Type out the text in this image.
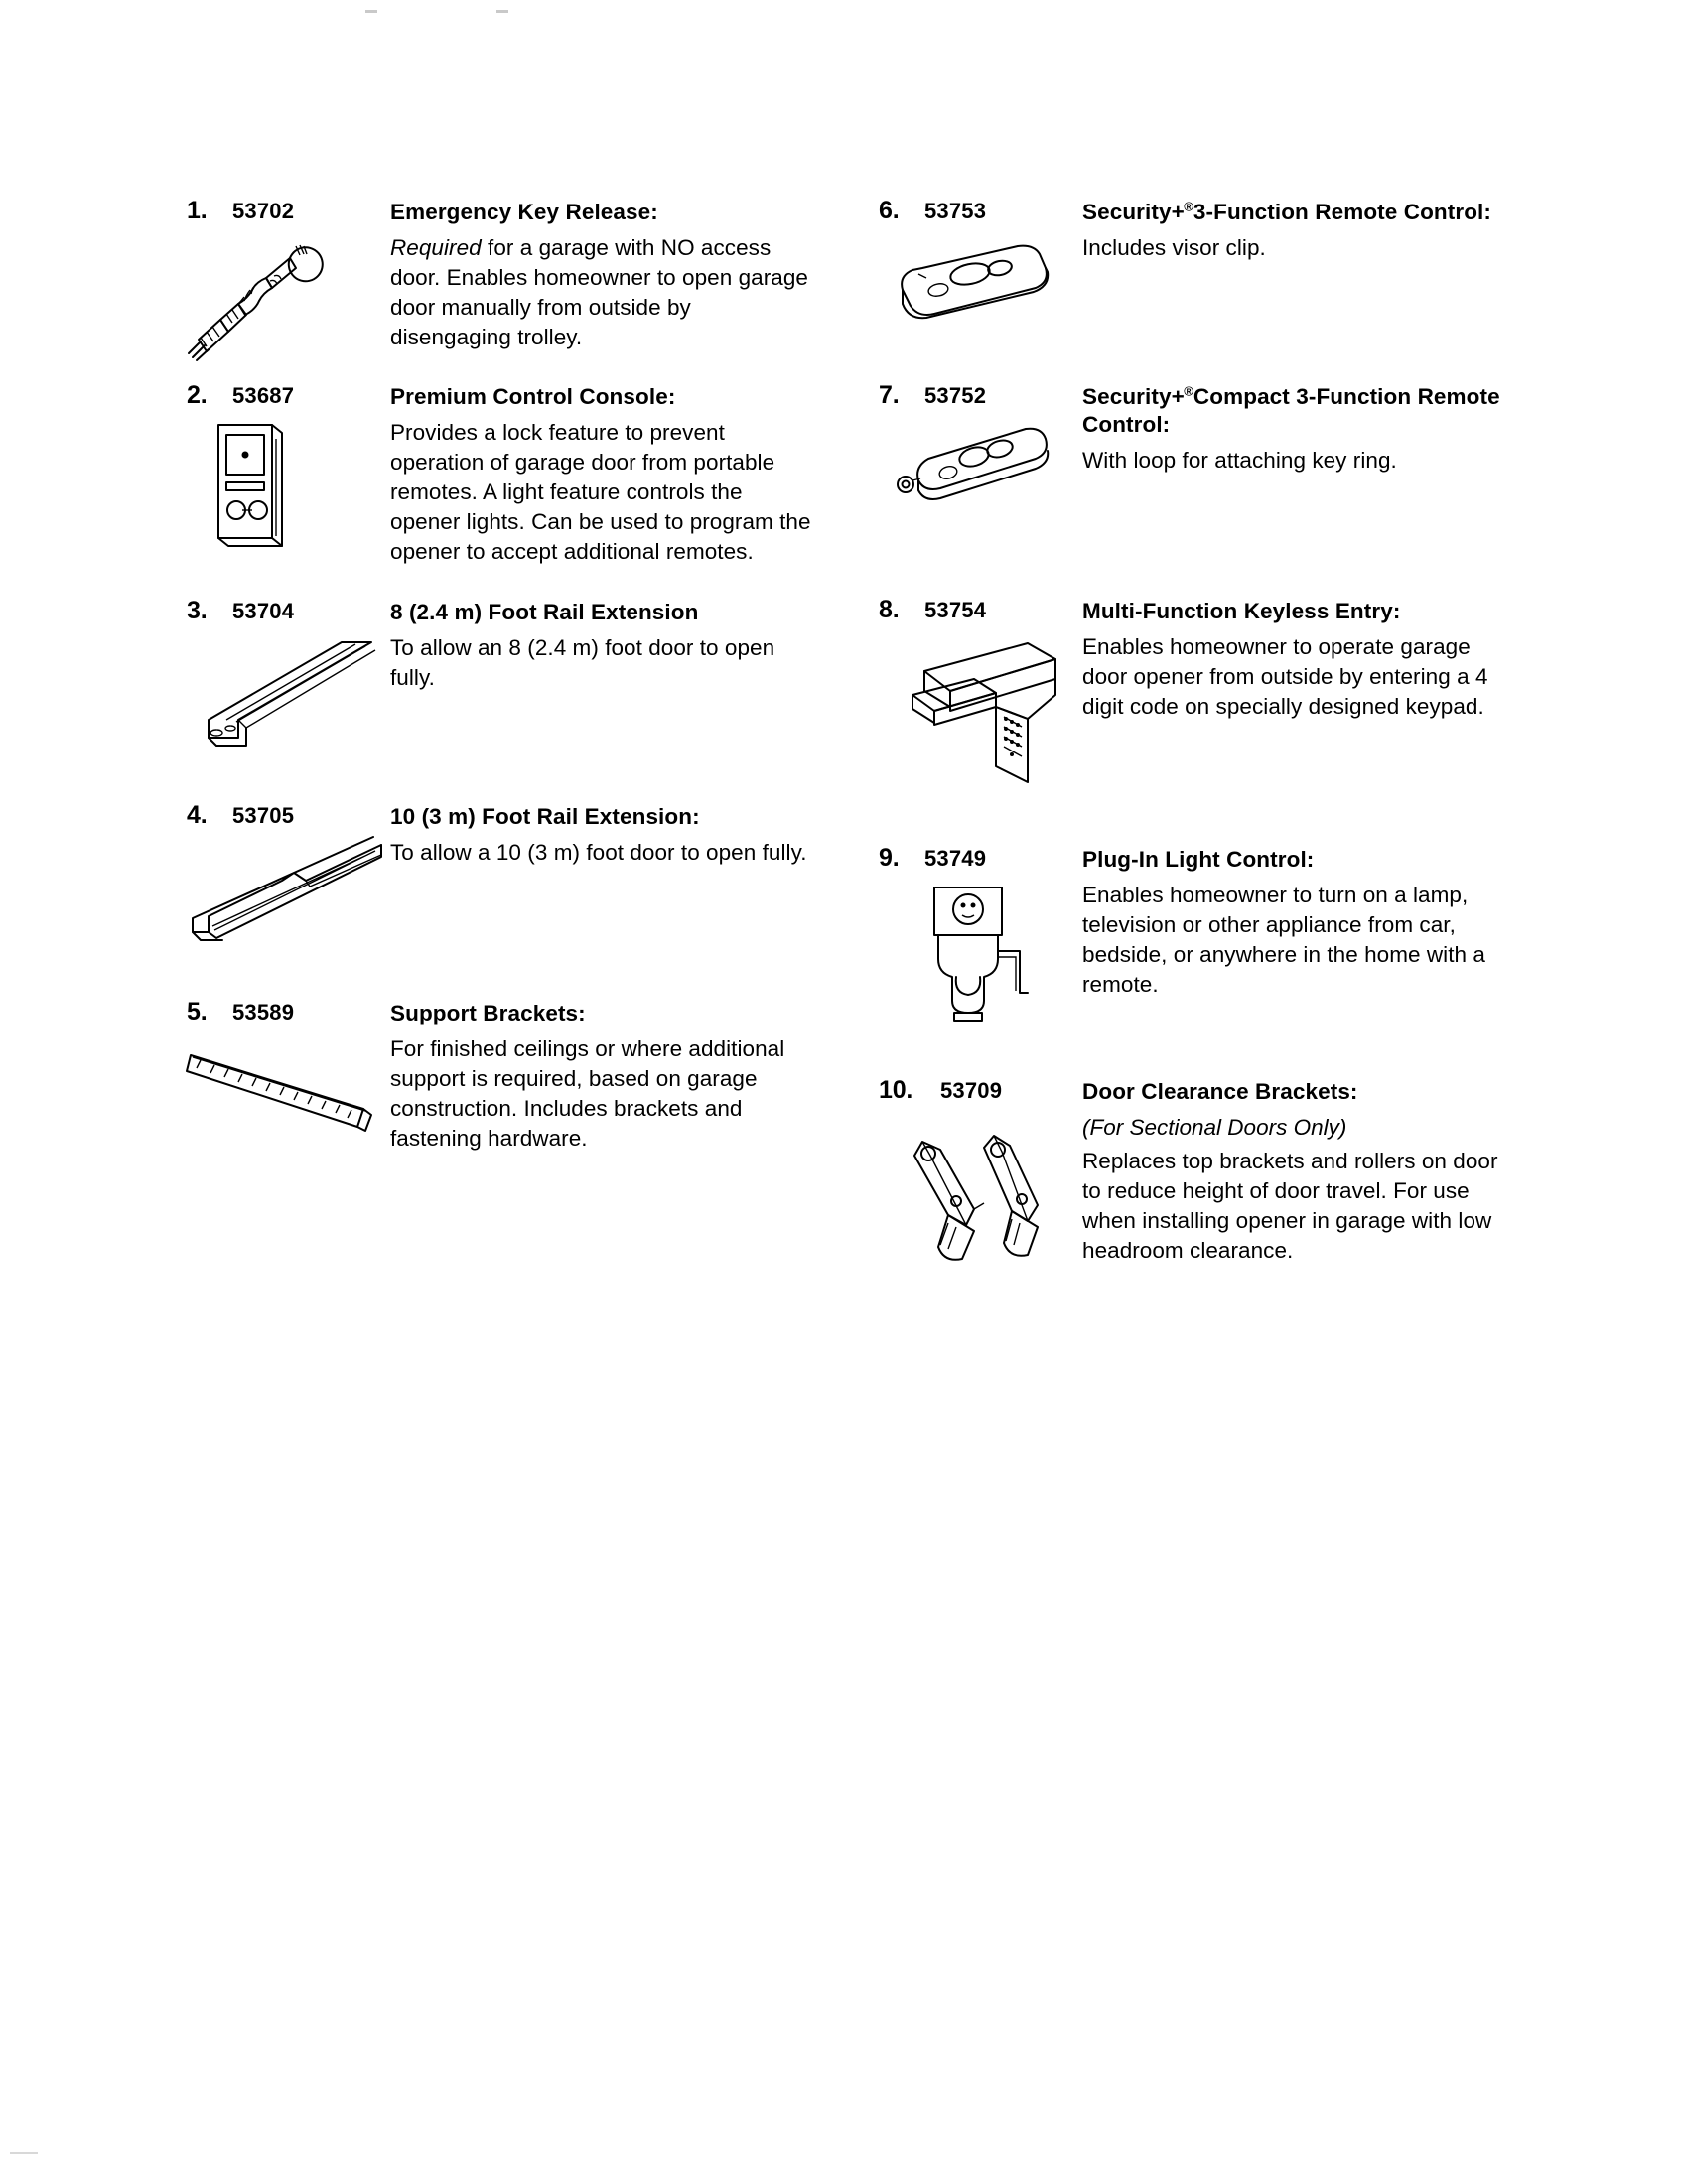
1.	53702	Emergency Key Release:
Required for a garage with NO access door. Enables homeowner to open garage door manually from outside by disengaging trolley.
2.	53687	Premium Control Console:
Provides a lock feature to prevent operation of garage door from portable remotes. A light feature controls the opener lights. Can be used to program the opener to accept additional remotes.
3.	53704	8 (2.4 m) Foot Rail Extension
To allow an 8 (2.4 m) foot door to open fully.
4.	53705	10 (3 m) Foot Rail Extension:
To allow a 10 (3 m) foot door to open fully.
5.	53589	Support Brackets:
For finished ceilings or where additional support is required, based on garage construction. Includes brackets and fastening hardware.
6.	53753	Security+®3-Function Remote Control:
Includes visor clip.
7.	53752	Security+®Compact 3-Function Remote Control:
With loop for attaching key ring.
8.	53754	Multi-Function Keyless Entry:
Enables homeowner to operate garage door opener from outside by entering a 4 digit code on specially designed keypad.
9.	53749	Plug-In Light Control:
Enables homeowner to turn on a lamp, television or other appliance from car, bedside, or anywhere in the home with a remote.
10.	53709	Door Clearance Brackets:
(For Sectional Doors Only)
Replaces top brackets and rollers on door to reduce height of door travel. For use when installing opener in garage with low headroom clearance.
